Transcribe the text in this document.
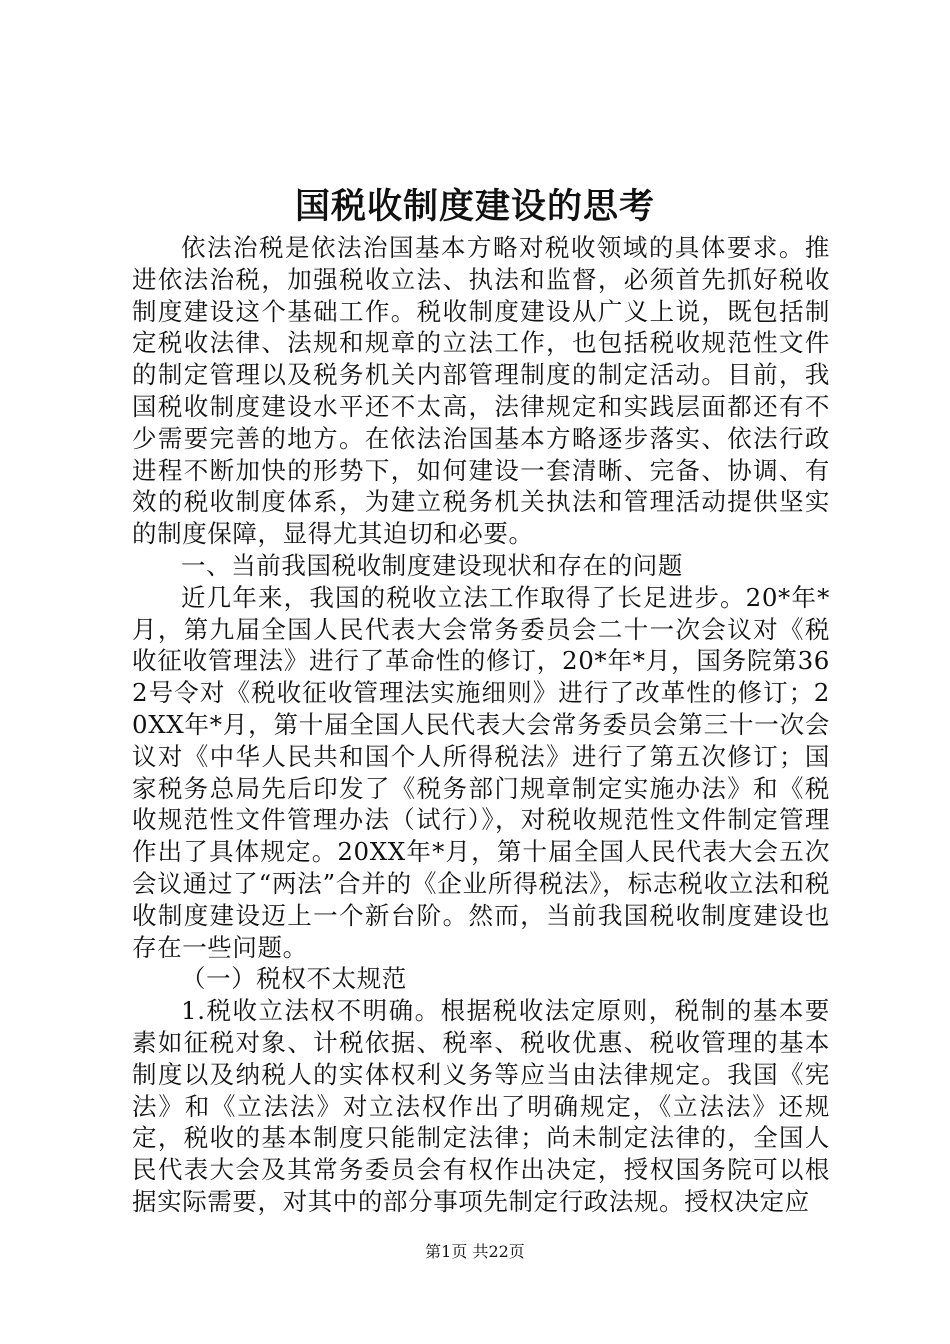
国税收制度建设的思考

依法治税是依法治国基本方略对税收领域的具体要求。推进依法治税，加强税收立法、执法和监督，必须首先抓好税收制度建设这个基础工作。税收制度建设从广义上说，既包括制定税收法律、法规和规章的立法工作，也包括税收规范性文件的制定管理以及税务机关内部管理制度的制定活动。目前，我国税收制度建设水平还不太高，法律规定和实践层面都还有不少需要完善的地方。在依法治国基本方略逐步落实、依法行政进程不断加快的形势下，如何建设一套清晰、完备、协调、有效的税收制度体系，为建立税务机关执法和管理活动提供坚实的制度保障，显得尤其迫切和必要。

一、当前我国税收制度建设现状和存在的问题

近几年来，我国的税收立法工作取得了长足进步。20*年*月，第九届全国人民代表大会常务委员会二十一次会议对《税收征收管理法》进行了革命性的修订，20*年*月，国务院第362号令对《税收征收管理法实施细则》进行了改革性的修订；20XX年*月，第十届全国人民代表大会常务委员会第三十一次会议对《中华人民共和国个人所得税法》进行了第五次修订；国家税务总局先后印发了《税务部门规章制定实施办法》和《税收规范性文件管理办法（试行）》，对税收规范性文件制定管理作出了具体规定。20XX年*月，第十届全国人民代表大会五次会议通过了“两法”合并的《企业所得税法》，标志税收立法和税收制度建设迈上一个新台阶。然而，当前我国税收制度建设也存在一些问题。

（一）税权不太规范

1.税收立法权不明确。根据税收法定原则，税制的基本要素如征税对象、计税依据、税率、税收优惠、税收管理的基本制度以及纳税人的实体权利义务等应当由法律规定。我国《宪法》和《立法法》对立法权作出了明确规定，《立法法》还规定，税收的基本制度只能制定法律；尚未制定法律的，全国人民代表大会及其常务委员会有权作出决定，授权国务院可以根据实际需要，对其中的部分事项先制定行政法规。授权决定应

第1页 共22页
